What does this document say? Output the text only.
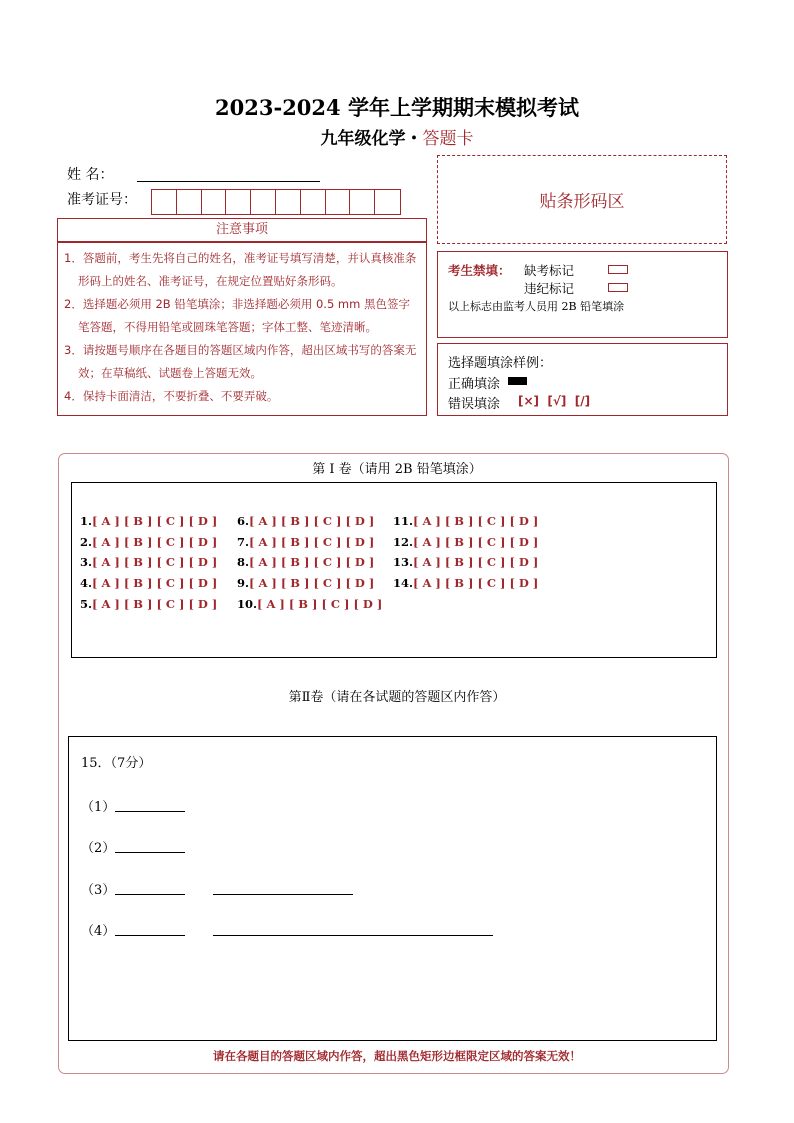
2023-2024 学年上学期期末模拟考试
九年级化学・答题卡
姓 名：
准考证号：	贴条形码区
注意事项

1．答题前，考生先将自己的姓名，准考证号填写清楚，并认真核准条形码上的姓名、准考证号，在规定位置贴好条形码。

2．选择题必须用 2B 铅笔填涂；非选择题必须用 0.5 mm 黑色签字笔答题，不得用铅笔或圆珠笔答题；字体工整、笔迹清晰。

3．请按题号顺序在各题目的答题区域内作答，超出区域书写的答案无效；在草稿纸、试题卷上答题无效。

4．保持卡面清洁，不要折叠、不要弄破。

考生禁填： 缺考标记
违纪标记
以上标志由监考人员用 2B 铅笔填涂
选择题填涂样例：
正确填涂
错误填涂 [×]  [√]  [/]
第 I 卷（请用 2B 铅笔填涂）
1.[ A ] [ B ] [ C ] [ D ]
2.[ A ] [ B ] [ C ] [ D ]
3.[ A ] [ B ] [ C ] [ D ]
4.[ A ] [ B ] [ C ] [ D ]
5.[ A ] [ B ] [ C ] [ D ]
6.[ A ] [ B ] [ C ] [ D ]
7.[ A ] [ B ] [ C ] [ D ]
8.[ A ] [ B ] [ C ] [ D ]
9.[ A ] [ B ] [ C ] [ D ]
10.[ A ] [ B ] [ C ] [ D ]
11.[ A ] [ B ] [ C ] [ D ]
12.[ A ] [ B ] [ C ] [ D ]
13.[ A ] [ B ] [ C ] [ D ]
14.[ A ] [ B ] [ C ] [ D ]
第Ⅱ卷（请在各试题的答题区内作答）
15．（7分）
（1）
（2）
（3）
（4）
请在各题目的答题区域内作答，超出黑色矩形边框限定区域的答案无效！
